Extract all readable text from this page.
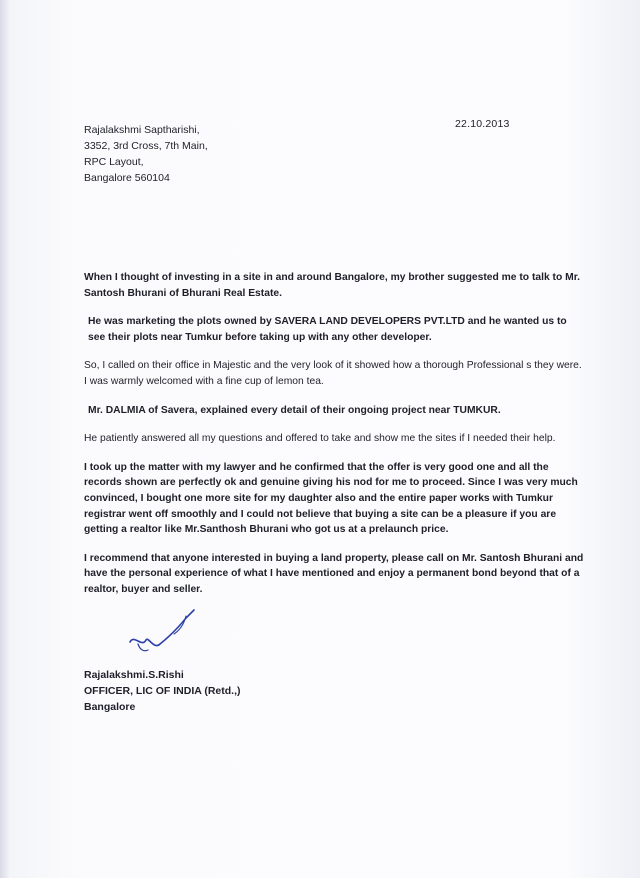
22.10.2013
Rajalakshmi Saptharishi,
3352, 3rd Cross, 7th Main,
RPC Layout,
Bangalore 560104

When I thought of investing in a site in and around Bangalore, my brother suggested me to talk to Mr. Santosh Bhurani of Bhurani Real Estate.

He was marketing the plots owned by SAVERA LAND DEVELOPERS PVT.LTD and he wanted us to see their plots near Tumkur before taking up with any other developer.

So, I called on their office in Majestic and the very look of it showed how a thorough Professional s they were. I was warmly welcomed with a fine cup of lemon tea.

Mr. DALMIA of Savera, explained every detail of their ongoing project near TUMKUR.

He patiently answered all my questions and offered to take and show me the sites if I needed their help.

I took up the matter with my lawyer and he confirmed that the offer is very good one and all the records shown are perfectly ok and genuine giving his nod for me to proceed. Since I was very much convinced, I bought one more site for my daughter also and the entire paper works with Tumkur registrar went off smoothly and I could not believe that buying a site can be a pleasure if you are getting a realtor like Mr.Santhosh Bhurani who got us at a prelaunch price.

I recommend that anyone interested in buying a land property, please call on Mr. Santosh Bhurani and have the personal experience of what I have mentioned and enjoy a permanent bond beyond that of a realtor, buyer and seller.

Rajalakshmi.S.Rishi
OFFICER, LIC OF INDIA (Retd.,)
Bangalore
